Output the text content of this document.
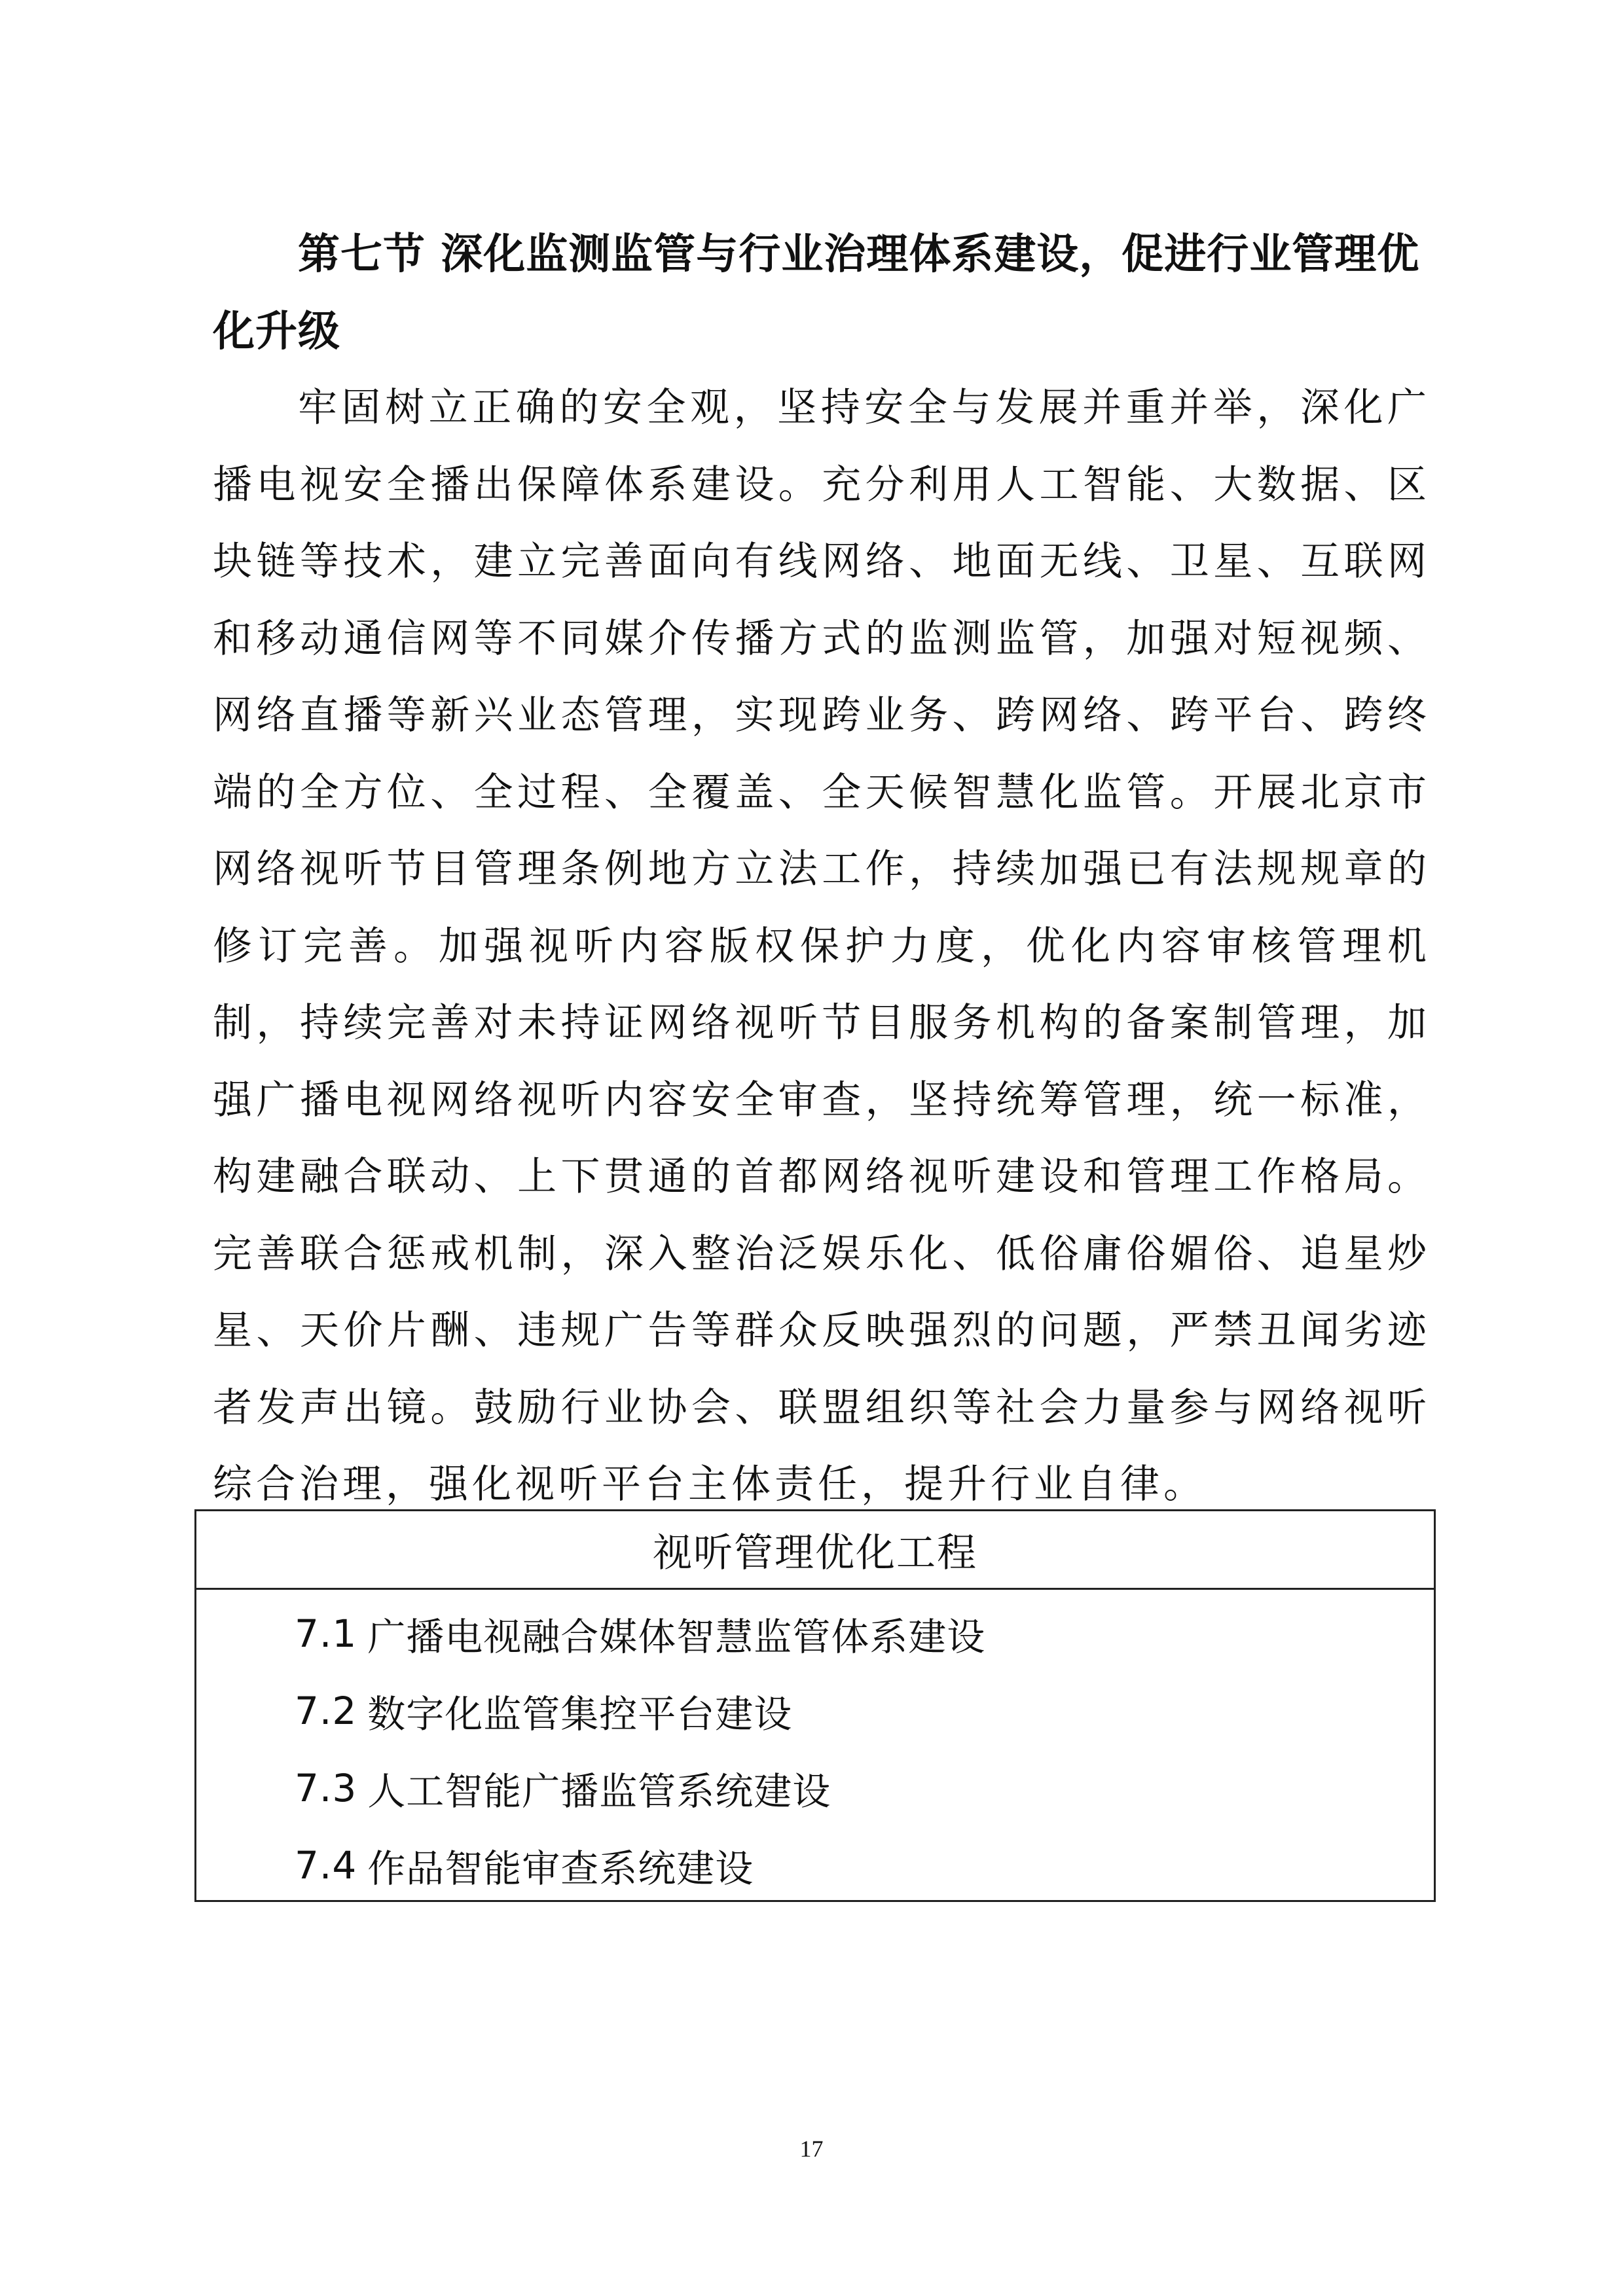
第七节 深化监测监管与行业治理体系建设，促进行业管理优化升级

牢固树立正确的安全观，坚持安全与发展并重并举，深化广播电视安全播出保障体系建设。充分利用人工智能、大数据、区块链等技术，建立完善面向有线网络、地面无线、卫星、互联网和移动通信网等不同媒介传播方式的监测监管，加强对短视频、网络直播等新兴业态管理，实现跨业务、跨网络、跨平台、跨终端的全方位、全过程、全覆盖、全天候智慧化监管。开展北京市网络视听节目管理条例地方立法工作，持续加强已有法规规章的修订完善。加强视听内容版权保护力度，优化内容审核管理机制，持续完善对未持证网络视听节目服务机构的备案制管理，加强广播电视网络视听内容安全审查，坚持统筹管理，统一标准，构建融合联动、上下贯通的首都网络视听建设和管理工作格局。完善联合惩戒机制，深入整治泛娱乐化、低俗庸俗媚俗、追星炒星、天价片酬、违规广告等群众反映强烈的问题，严禁丑闻劣迹者发声出镜。鼓励行业协会、联盟组织等社会力量参与网络视听综合治理，强化视听平台主体责任，提升行业自律。

视听管理优化工程
7.1 广播电视融合媒体智慧监管体系建设
7.2 数字化监管集控平台建设
7.3 人工智能广播监管系统建设
7.4 作品智能审查系统建设
17
